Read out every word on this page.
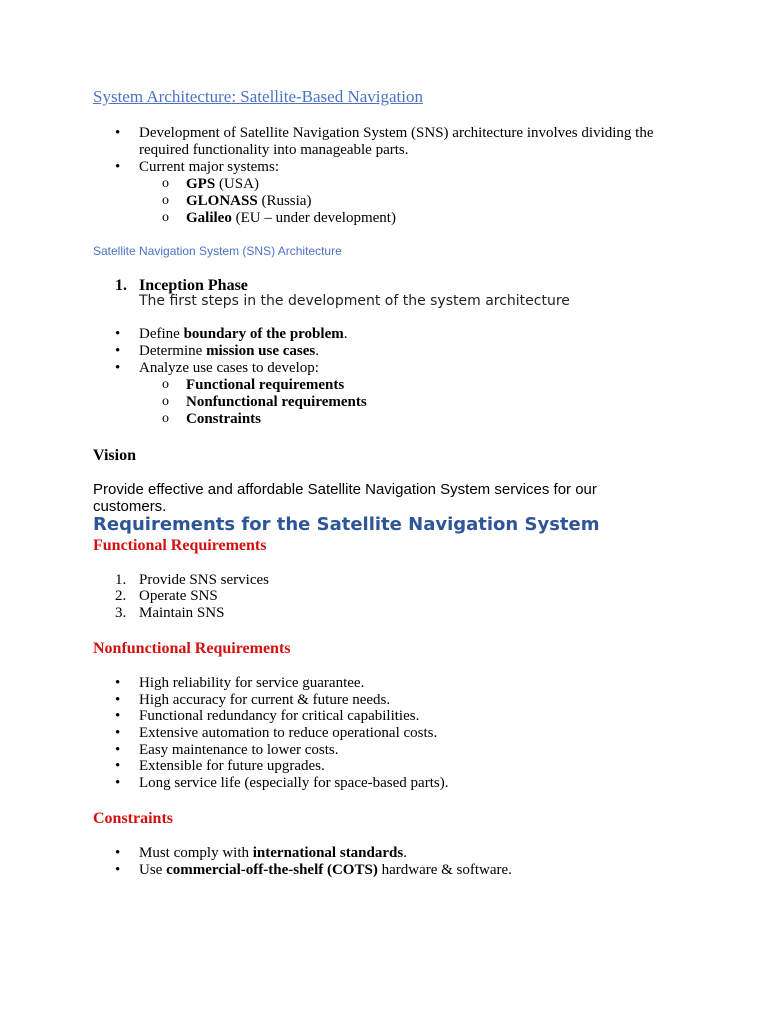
System Architecture: Satellite-Based Navigation
• Development of Satellite Navigation System (SNS) architecture involves dividing the
required functionality into manageable parts.
• Current major systems:
o GPS (USA)
o GLONASS (Russia)
o Galileo (EU – under development)
Satellite Navigation System (SNS) Architecture
1. Inception Phase
The first steps in the development of the system architecture
• Define boundary of the problem.
• Determine mission use cases.
• Analyze use cases to develop:
o Functional requirements
o Nonfunctional requirements
o Constraints
Vision
Provide effective and affordable Satellite Navigation System services for our customers.
Requirements for the Satellite Navigation System
Functional Requirements
1. Provide SNS services
2. Operate SNS
3. Maintain SNS
Nonfunctional Requirements
• High reliability for service guarantee.
• High accuracy for current & future needs.
• Functional redundancy for critical capabilities.
• Extensive automation to reduce operational costs.
• Easy maintenance to lower costs.
• Extensible for future upgrades.
• Long service life (especially for space-based parts).
Constraints
• Must comply with international standards.
• Use commercial-off-the-shelf (COTS) hardware & software.
